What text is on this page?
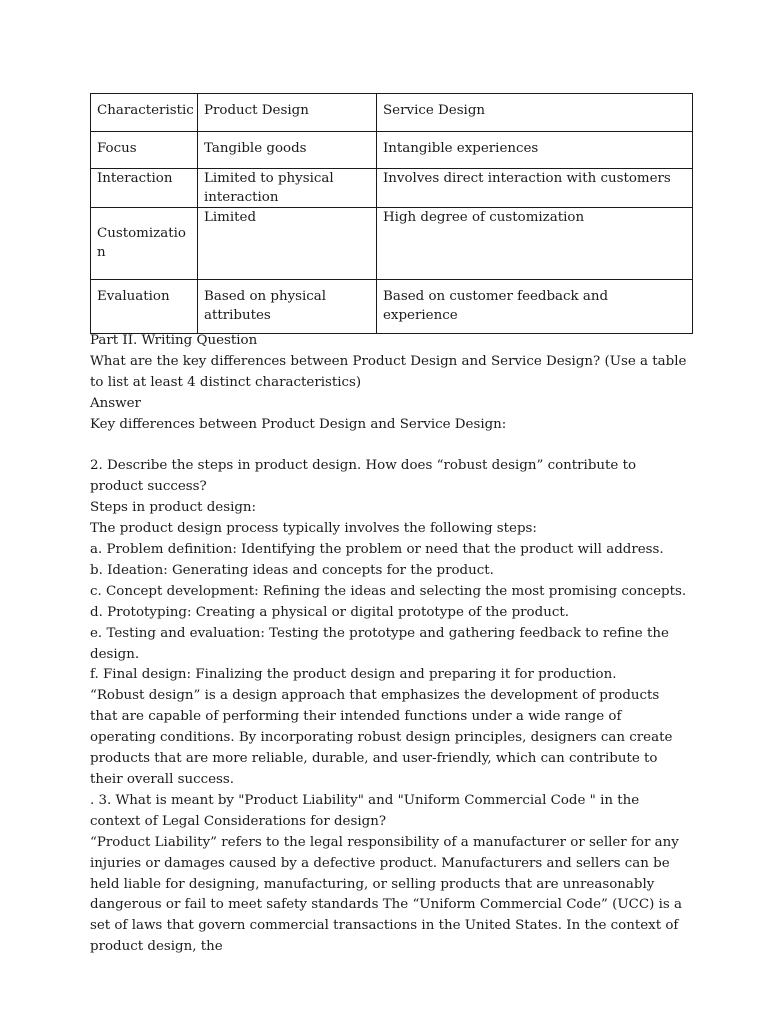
Characteristic	Product Design	Service Design

Focus	Tangible goods	Intangible experiences

Interaction	Limited to physical interaction	Involves direct interaction with customers

Customization	Limited	High degree of customization

Evaluation	Based on physical attributes	Based on customer feedback and experience

Part II. Writing Question

What are the key differences between Product Design and Service Design? (Use a table to list at least 4 distinct characteristics)

Answer

Key differences between Product Design and Service Design:

2. Describe the steps in product design. How does “robust design” contribute to product success?

Steps in product design:

The product design process typically involves the following steps:

a. Problem definition: Identifying the problem or need that the product will address.

b. Ideation: Generating ideas and concepts for the product.

c. Concept development: Refining the ideas and selecting the most promising concepts.

d. Prototyping: Creating a physical or digital prototype of the product.

e. Testing and evaluation: Testing the prototype and gathering feedback to refine the design.

f. Final design: Finalizing the product design and preparing it for production.

“Robust design” is a design approach that emphasizes the development of products that are capable of performing their intended functions under a wide range of operating conditions. By incorporating robust design principles, designers can create products that are more reliable, durable, and user-friendly, which can contribute to their overall success.

. 3. What is meant by "Product Liability" and "Uniform Commercial Code " in the context of Legal Considerations for design?

“Product Liability” refers to the legal responsibility of a manufacturer or seller for any injuries or damages caused by a defective product. Manufacturers and sellers can be held liable for designing, manufacturing, or selling products that are unreasonably dangerous or fail to meet safety standards The “Uniform Commercial Code” (UCC) is a set of laws that govern commercial transactions in the United States. In the context of product design, the
